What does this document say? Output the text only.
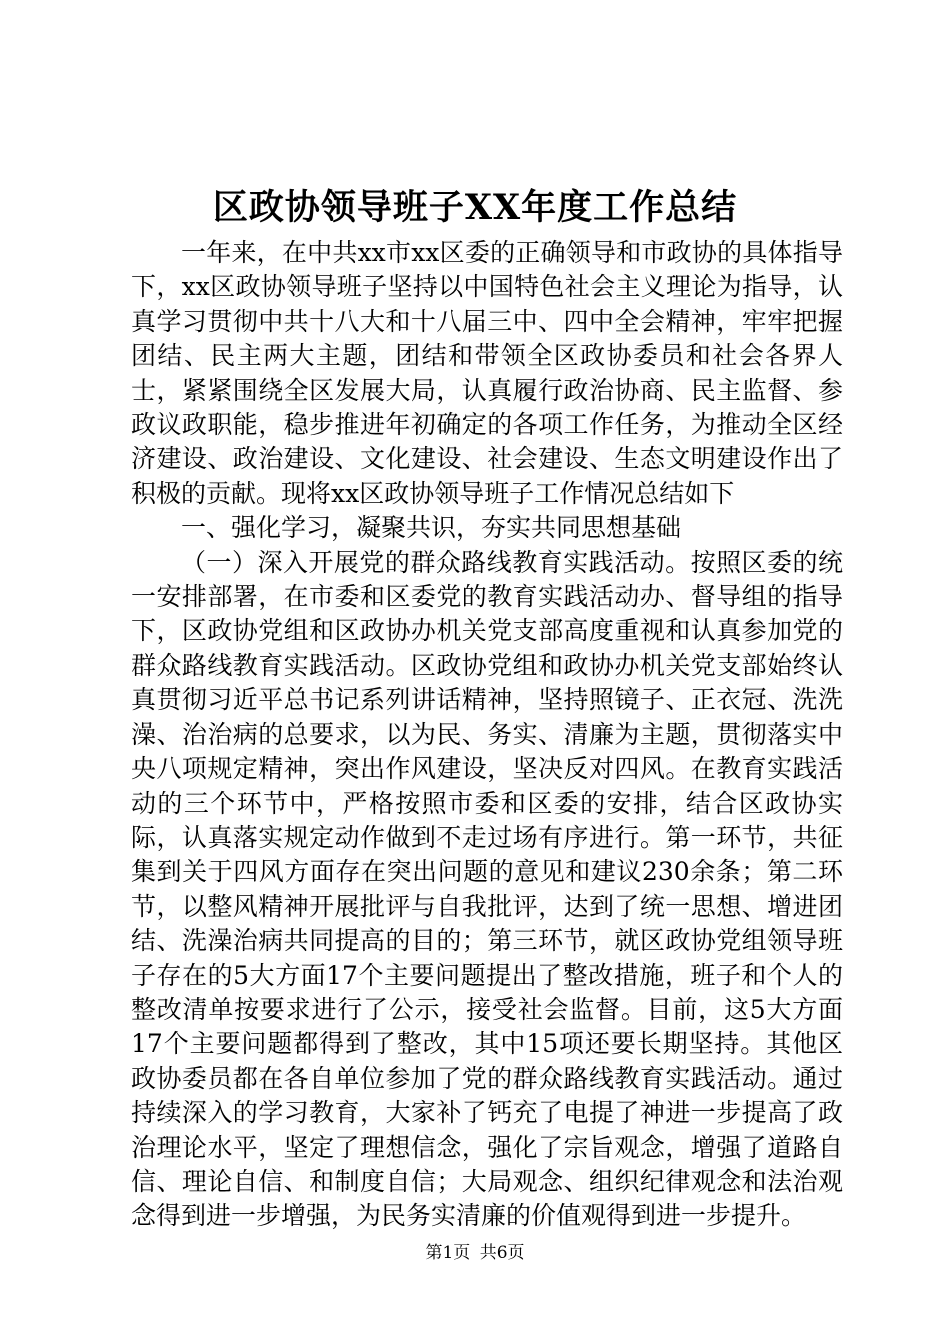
区政协领导班子XX年度工作总结

一年来，在中共xx市xx区委的正确领导和市政协的具体指导下，xx区政协领导班子坚持以中国特色社会主义理论为指导，认真学习贯彻中共十八大和十八届三中、四中全会精神，牢牢把握团结、民主两大主题，团结和带领全区政协委员和社会各界人士，紧紧围绕全区发展大局，认真履行政治协商、民主监督、参政议政职能，稳步推进年初确定的各项工作任务，为推动全区经济建设、政治建设、文化建设、社会建设、生态文明建设作出了积极的贡献。现将xx区政协领导班子工作情况总结如下

一、强化学习，凝聚共识，夯实共同思想基础

（一）深入开展党的群众路线教育实践活动。按照区委的统一安排部署，在市委和区委党的教育实践活动办、督导组的指导下，区政协党组和区政协办机关党支部高度重视和认真参加党的群众路线教育实践活动。区政协党组和政协办机关党支部始终认真贯彻习近平总书记系列讲话精神，坚持照镜子、正衣冠、洗洗澡、治治病的总要求，以为民、务实、清廉为主题，贯彻落实中央八项规定精神，突出作风建设，坚决反对四风。在教育实践活动的三个环节中，严格按照市委和区委的安排，结合区政协实际，认真落实规定动作做到不走过场有序进行。第一环节，共征集到关于四风方面存在突出问题的意见和建议230余条；第二环节，以整风精神开展批评与自我批评，达到了统一思想、增进团结、洗澡治病共同提高的目的；第三环节，就区政协党组领导班子存在的5大方面17个主要问题提出了整改措施，班子和个人的整改清单按要求进行了公示，接受社会监督。目前，这5大方面17个主要问题都得到了整改，其中15项还要长期坚持。其他区政协委员都在各自单位参加了党的群众路线教育实践活动。通过持续深入的学习教育，大家补了钙充了电提了神进一步提高了政治理论水平，坚定了理想信念，强化了宗旨观念，增强了道路自信、理论自信、和制度自信；大局观念、组织纪律观念和法治观念得到进一步增强，为民务实清廉的价值观得到进一步提升。

第1页 共6页
